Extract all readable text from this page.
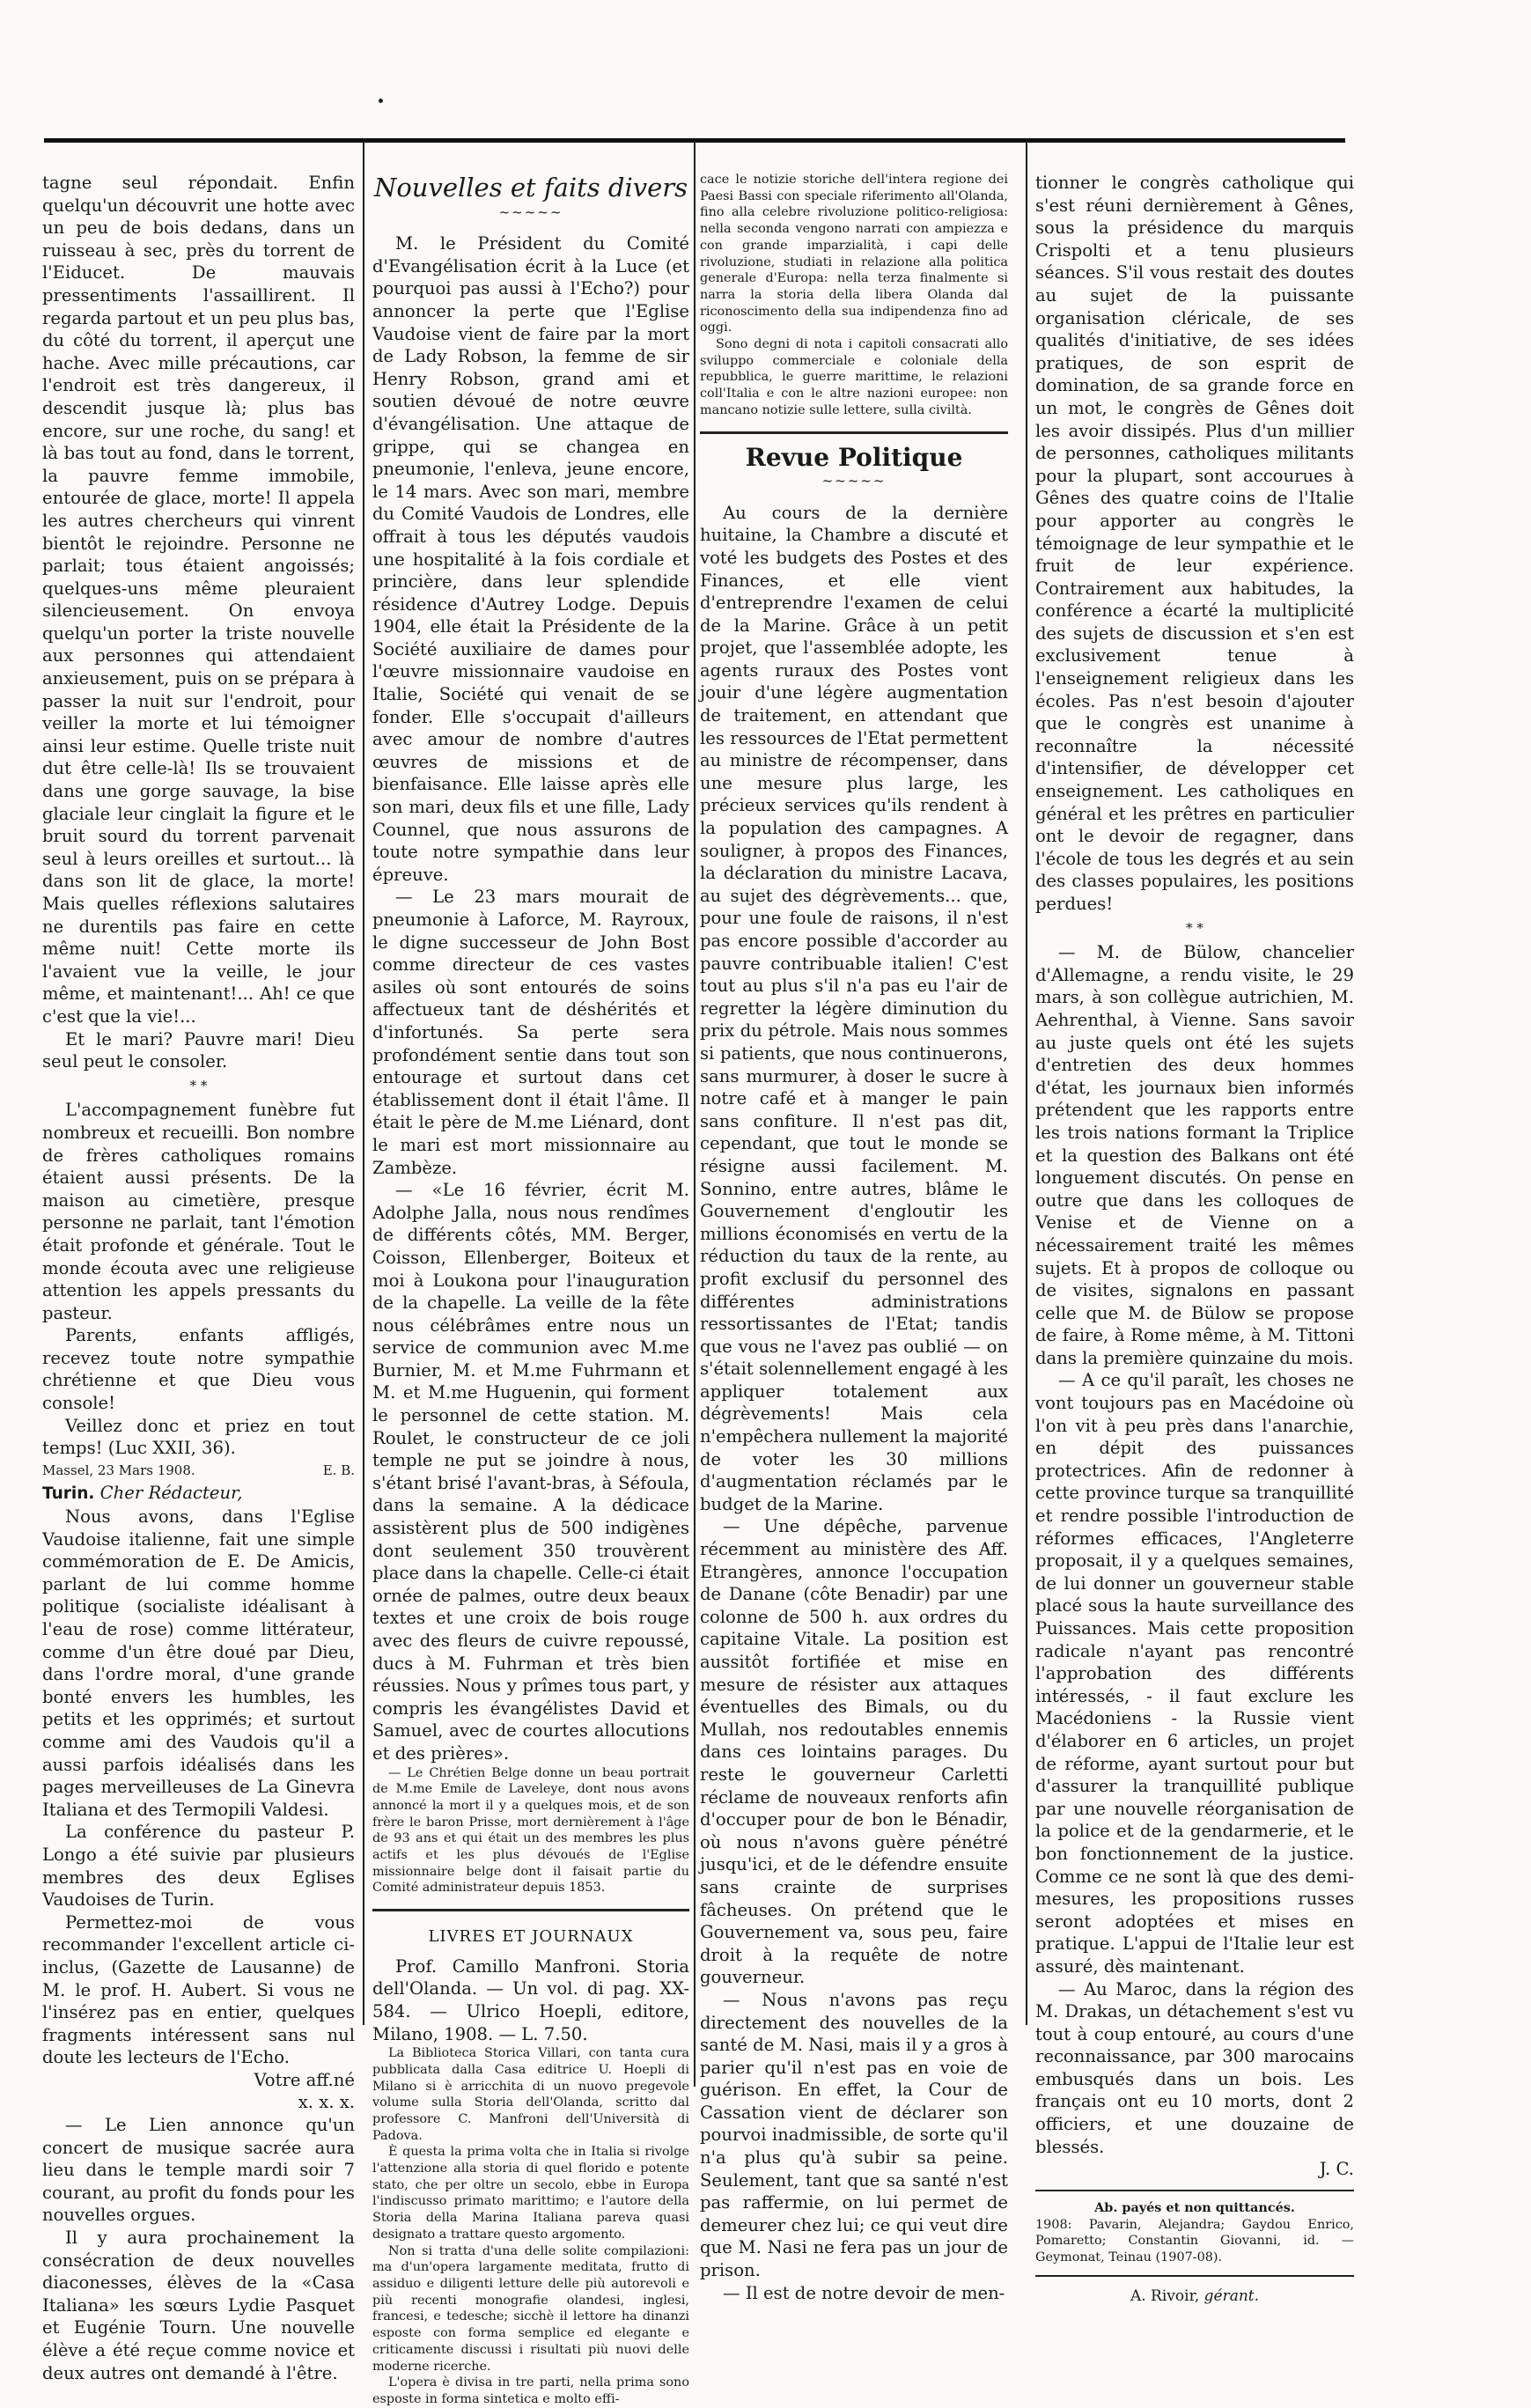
tagne seul répondait. Enfin quelqu'un découvrit une hotte avec un peu de bois dedans, dans un ruisseau à sec, près du torrent de l'Eiducet. De mauvais pressentiments l'assaillirent. Il regarda partout et un peu plus bas, du côté du torrent, il aperçut une hache. Avec mille précautions, car l'endroit est très dangereux, il descendit jusque là; plus bas encore, sur une roche, du sang! et là bas tout au fond, dans le torrent, la pauvre femme immobile, entourée de glace, morte! Il appela les autres chercheurs qui vinrent bientôt le rejoindre. Personne ne parlait; tous étaient angoissés; quelques-uns même pleuraient silencieusement. On envoya quelqu'un porter la triste nouvelle aux personnes qui attendaient anxieusement, puis on se prépara à passer la nuit sur l'endroit, pour veiller la morte et lui témoigner ainsi leur estime. Quelle triste nuit dut être celle-là! Ils se trouvaient dans une gorge sauvage, la bise glaciale leur cinglait la figure et le bruit sourd du torrent parvenait seul à leurs oreilles et surtout... là dans son lit de glace, la morte! Mais quelles réflexions salutaires ne durentils pas faire en cette même nuit! Cette morte ils l'avaient vue la veille, le jour même, et maintenant!... Ah! ce que c'est que la vie!...

Et le mari? Pauvre mari! Dieu seul peut le consoler.

* *

L'accompagnement funèbre fut nombreux et recueilli. Bon nombre de frères catholiques romains étaient aussi présents. De la maison au cimetière, presque personne ne parlait, tant l'émotion était profonde et générale. Tout le monde écouta avec une religieuse attention les appels pressants du pasteur.

Parents, enfants affligés, recevez toute notre sympathie chrétienne et que Dieu vous console!

Veillez donc et priez en tout temps! (Luc XXII, 36).

Massel, 23 Mars 1908.	E. B.

Turin. Cher Rédacteur,

Nous avons, dans l'Eglise Vaudoise italienne, fait une simple commémoration de E. De Amicis, parlant de lui comme homme politique (socialiste idéalisant à l'eau de rose) comme littérateur, comme d'un être doué par Dieu, dans l'ordre moral, d'une grande bonté envers les humbles, les petits et les opprimés; et surtout comme ami des Vaudois qu'il a aussi parfois idéalisés dans les pages merveilleuses de La Ginevra Italiana et des Termopili Valdesi.

La conférence du pasteur P. Longo a été suivie par plusieurs membres des deux Eglises Vaudoises de Turin.

Permettez-moi de vous recommander l'excellent article ci-inclus, (Gazette de Lausanne) de M. le prof. H. Aubert. Si vous ne l'insérez pas en entier, quelques fragments intéressent sans nul doute les lecteurs de l'Echo.

Votre aff.né
x. x. x.

— Le Lien annonce qu'un concert de musique sacrée aura lieu dans le temple mardi soir 7 courant, au profit du fonds pour les nouvelles orgues.

Il y aura prochainement la consécration de deux nouvelles diaconesses, élèves de la «Casa Italiana» les sœurs Lydie Pasquet et Eugénie Tourn. Une nouvelle élève a été reçue comme novice et deux autres ont demandé à l'être.

Nouvelles et faits divers
~~~~~

M. le Président du Comité d'Evangélisation écrit à la Luce (et pourquoi pas aussi à l'Echo?) pour annoncer la perte que l'Eglise Vaudoise vient de faire par la mort de Lady Robson, la femme de sir Henry Robson, grand ami et soutien dévoué de notre œuvre d'évangélisation. Une attaque de grippe, qui se changea en pneumonie, l'enleva, jeune encore, le 14 mars. Avec son mari, membre du Comité Vaudois de Londres, elle offrait à tous les députés vaudois une hospitalité à la fois cordiale et princière, dans leur splendide résidence d'Autrey Lodge. Depuis 1904, elle était la Présidente de la Société auxiliaire de dames pour l'œuvre missionnaire vaudoise en Italie, Société qui venait de se fonder. Elle s'occupait d'ailleurs avec amour de nombre d'autres œuvres de missions et de bienfaisance. Elle laisse après elle son mari, deux fils et une fille, Lady Counnel, que nous assurons de toute notre sympathie dans leur épreuve.

— Le 23 mars mourait de pneumonie à Laforce, M. Rayroux, le digne successeur de John Bost comme directeur de ces vastes asiles où sont entourés de soins affectueux tant de déshérités et d'infortunés. Sa perte sera profondément sentie dans tout son entourage et surtout dans cet établissement dont il était l'âme. Il était le père de M.me Liénard, dont le mari est mort missionnaire au Zambèze.

— «Le 16 février, écrit M. Adolphe Jalla, nous nous rendîmes de différents côtés, MM. Berger, Coisson, Ellenberger, Boiteux et moi à Loukona pour l'inauguration de la chapelle. La veille de la fête nous célébrâmes entre nous un service de communion avec M.me Burnier, M. et M.me Fuhrmann et M. et M.me Huguenin, qui forment le personnel de cette station. M. Roulet, le constructeur de ce joli temple ne put se joindre à nous, s'étant brisé l'avant-bras, à Séfoula, dans la semaine. A la dédicace assistèrent plus de 500 indigènes dont seulement 350 trouvèrent place dans la chapelle. Celle-ci était ornée de palmes, outre deux beaux textes et une croix de bois rouge avec des fleurs de cuivre repoussé, ducs à M. Fuhrman et très bien réussies. Nous y prîmes tous part, y compris les évangélistes David et Samuel, avec de courtes allocutions et des prières».

— Le Chrétien Belge donne un beau portrait de M.me Emile de Laveleye, dont nous avons annoncé la mort il y a quelques mois, et de son frère le baron Prisse, mort dernièrement à l'âge de 93 ans et qui était un des membres les plus actifs et les plus dévoués de l'Eglise missionnaire belge dont il faisait partie du Comité administrateur depuis 1853.

LIVRES ET JOURNAUX

Prof. Camillo Manfroni. Storia dell'Olanda. — Un vol. di pag. XX-584. — Ulrico Hoepli, editore, Milano, 1908. — L. 7.50.

La Biblioteca Storica Villari, con tanta cura pubblicata dalla Casa editrice U. Hoepli di Milano si è arricchita di un nuovo pregevole volume sulla Storia dell'Olanda, scritto dal professore C. Manfroni dell'Università di Padova.

È questa la prima volta che in Italia si rivolge l'attenzione alla storia di quel florido e potente stato, che per oltre un secolo, ebbe in Europa l'indiscusso primato marittimo; e l'autore della Storia della Marina Italiana pareva quasi designato a trattare questo argomento.

Non si tratta d'una delle solite compilazioni: ma d'un'opera largamente meditata, frutto di assiduo e diligenti letture delle più autorevoli e più recenti monografie olandesi, inglesi, francesi, e tedesche; sicchè il lettore ha dinanzi esposte con forma semplice ed elegante e criticamente discussi i risultati più nuovi delle moderne ricerche.

L'opera è divisa in tre parti, nella prima sono esposte in forma sintetica e molto effi-

cace le notizie storiche dell'intera regione dei Paesi Bassi con speciale riferimento all'Olanda, fino alla celebre rivoluzione politico-religiosa: nella seconda vengono narrati con ampiezza e con grande imparzialità, i capi delle rivoluzione, studiati in relazione alla politica generale d'Europa: nella terza finalmente si narra la storia della libera Olanda dal riconoscimento della sua indipendenza fino ad oggi.

Sono degni di nota i capitoli consacrati allo sviluppo commerciale e coloniale della repubblica, le guerre marittime, le relazioni coll'Italia e con le altre nazioni europee: non mancano notizie sulle lettere, sulla civiltà.

Revue Politique
~~~~~

Au cours de la dernière huitaine, la Chambre a discuté et voté les budgets des Postes et des Finances, et elle vient d'entreprendre l'examen de celui de la Marine. Grâce à un petit projet, que l'assemblée adopte, les agents ruraux des Postes vont jouir d'une légère augmentation de traitement, en attendant que les ressources de l'Etat permettent au ministre de récompenser, dans une mesure plus large, les précieux services qu'ils rendent à la population des campagnes. A souligner, à propos des Finances, la déclaration du ministre Lacava, au sujet des dégrèvements... que, pour une foule de raisons, il n'est pas encore possible d'accorder au pauvre contribuable italien! C'est tout au plus s'il n'a pas eu l'air de regretter la légère diminution du prix du pétrole. Mais nous sommes si patients, que nous continuerons, sans murmurer, à doser le sucre à notre café et à manger le pain sans confiture. Il n'est pas dit, cependant, que tout le monde se résigne aussi facilement. M. Sonnino, entre autres, blâme le Gouvernement d'engloutir les millions économisés en vertu de la réduction du taux de la rente, au profit exclusif du personnel des différentes administrations ressortissantes de l'Etat; tandis que vous ne l'avez pas oublié — on s'était solennellement engagé à les appliquer totalement aux dégrèvements! Mais cela n'empêchera nullement la majorité de voter les 30 millions d'augmentation réclamés par le budget de la Marine.

— Une dépêche, parvenue récemment au ministère des Aff. Etrangères, annonce l'occupation de Danane (côte Benadir) par une colonne de 500 h. aux ordres du capitaine Vitale. La position est aussitôt fortifiée et mise en mesure de résister aux attaques éventuelles des Bimals, ou du Mullah, nos redoutables ennemis dans ces lointains parages. Du reste le gouverneur Carletti réclame de nouveaux renforts afin d'occuper pour de bon le Bénadir, où nous n'avons guère pénétré jusqu'ici, et de le défendre ensuite sans crainte de surprises fâcheuses. On prétend que le Gouvernement va, sous peu, faire droit à la requête de notre gouverneur.

— Nous n'avons pas reçu directement des nouvelles de la santé de M. Nasi, mais il y a gros à parier qu'il n'est pas en voie de guérison. En effet, la Cour de Cassation vient de déclarer son pourvoi inadmissible, de sorte qu'il n'a plus qu'à subir sa peine. Seulement, tant que sa santé n'est pas raffermie, on lui permet de demeurer chez lui; ce qui veut dire que M. Nasi ne fera pas un jour de prison.

— Il est de notre devoir de men-

tionner le congrès catholique qui s'est réuni dernièrement à Gênes, sous la présidence du marquis Crispolti et a tenu plusieurs séances. S'il vous restait des doutes au sujet de la puissante organisation cléricale, de ses qualités d'initiative, de ses idées pratiques, de son esprit de domination, de sa grande force en un mot, le congrès de Gênes doit les avoir dissipés. Plus d'un millier de personnes, catholiques militants pour la plupart, sont accourues à Gênes des quatre coins de l'Italie pour apporter au congrès le témoignage de leur sympathie et le fruit de leur expérience. Contrairement aux habitudes, la conférence a écarté la multiplicité des sujets de discussion et s'en est exclusivement tenue à l'enseignement religieux dans les écoles. Pas n'est besoin d'ajouter que le congrès est unanime à reconnaître la nécessité d'intensifier, de développer cet enseignement. Les catholiques en général et les prêtres en particulier ont le devoir de regagner, dans l'école de tous les degrés et au sein des classes populaires, les positions perdues!

* *

— M. de Bülow, chancelier d'Allemagne, a rendu visite, le 29 mars, à son collègue autrichien, M. Aehrenthal, à Vienne. Sans savoir au juste quels ont été les sujets d'entretien des deux hommes d'état, les journaux bien informés prétendent que les rapports entre les trois nations formant la Triplice et la question des Balkans ont été longuement discutés. On pense en outre que dans les colloques de Venise et de Vienne on a nécessairement traité les mêmes sujets. Et à propos de colloque ou de visites, signalons en passant celle que M. de Bülow se propose de faire, à Rome même, à M. Tittoni dans la première quinzaine du mois.

— A ce qu'il paraît, les choses ne vont toujours pas en Macédoine où l'on vit à peu près dans l'anarchie, en dépit des puissances protectrices. Afin de redonner à cette province turque sa tranquillité et rendre possible l'introduction de réformes efficaces, l'Angleterre proposait, il y a quelques semaines, de lui donner un gouverneur stable placé sous la haute surveillance des Puissances. Mais cette proposition radicale n'ayant pas rencontré l'approbation des différents intéressés, - il faut exclure les Macédoniens - la Russie vient d'élaborer en 6 articles, un projet de réforme, ayant surtout pour but d'assurer la tranquillité publique par une nouvelle réorganisation de la police et de la gendarmerie, et le bon fonctionnement de la justice. Comme ce ne sont là que des demi-mesures, les propositions russes seront adoptées et mises en pratique. L'appui de l'Italie leur est assuré, dès maintenant.

— Au Maroc, dans la région des M. Drakas, un détachement s'est vu tout à coup entouré, au cours d'une reconnaissance, par 300 marocains embusqués dans un bois. Les français ont eu 10 morts, dont 2 officiers, et une douzaine de blessés.

J. C.
Ab. payés et non quittancés.
1908: Pavarin, Alejandra; Gaydou Enrico, Pomaretto; Constantin Giovanni, id. — Geymonat, Teinau (1907-08).
A. Rivoir, gérant.
